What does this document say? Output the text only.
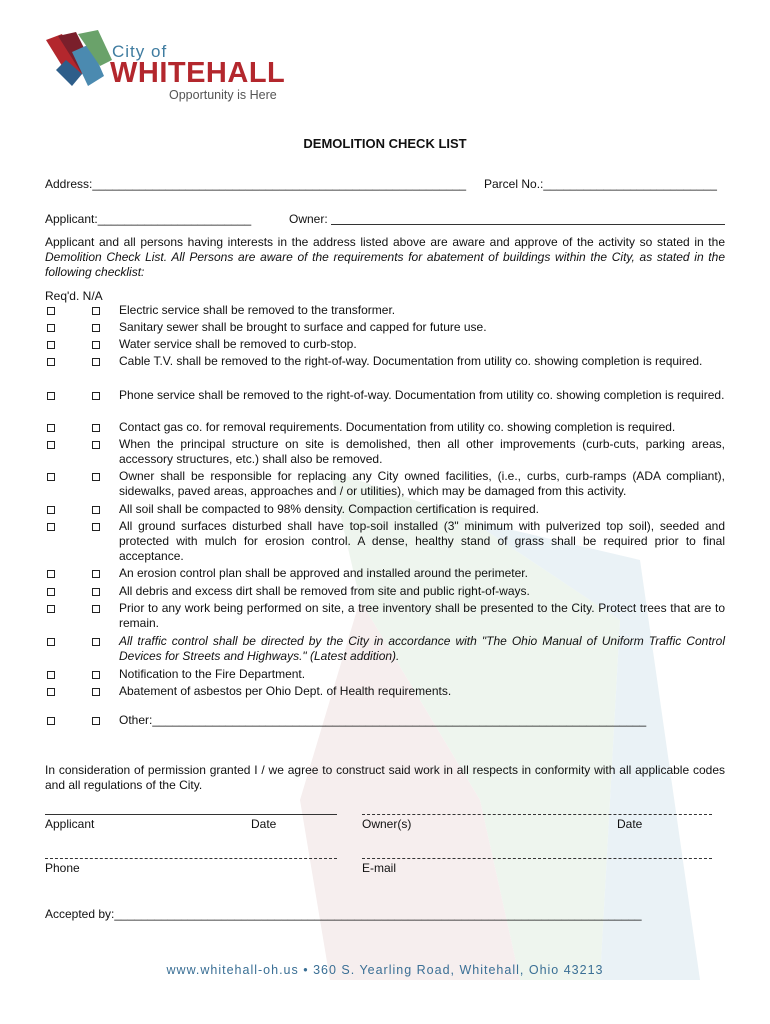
City of
WHITEHALL
Opportunity is Here
DEMOLITION CHECK LIST
Address:________________________________________________________ Parcel No.:__________________________
Applicant:_______________________	Owner:
Applicant and all persons having interests in the address listed above are aware and approve of the activity so stated in the Demolition Check List. All Persons are aware of the requirements for abatement of buildings within the City, as stated in the following checklist:
Req'd. N/A
Electric service shall be removed to the transformer.
Sanitary sewer shall be brought to surface and capped for future use.
Water service shall be removed to curb-stop.
Cable T.V. shall be removed to the right-of-way. Documentation from utility co. showing completion is required.
Phone service shall be removed to the right-of-way. Documentation from utility co. showing completion is required.
Contact gas co. for removal requirements. Documentation from utility co. showing completion is required.
When the principal structure on site is demolished, then all other improvements (curb-cuts, parking areas, accessory structures, etc.) shall also be removed.
Owner shall be responsible for replacing any City owned facilities, (i.e., curbs, curb-ramps (ADA compliant), sidewalks, paved areas, approaches and / or utilities), which may be damaged from this activity.
All soil shall be compacted to 98% density. Compaction certification is required.
All ground surfaces disturbed shall have top-soil installed (3" minimum with pulverized top soil), seeded and protected with mulch for erosion control. A dense, healthy stand of grass shall be required prior to final acceptance.
An erosion control plan shall be approved and installed around the perimeter.
All debris and excess dirt shall be removed from site and public right-of-ways.
Prior to any work being performed on site, a tree inventory shall be presented to the City. Protect trees that are to remain.
All traffic control shall be directed by the City in accordance with "The Ohio Manual of Uniform Traffic Control Devices for Streets and Highways." (Latest addition).
Notification to the Fire Department.
Abatement of asbestos per Ohio Dept. of Health requirements.
Other:__________________________________________________________________________
In consideration of permission granted I / we agree to construct said work in all respects in conformity with all applicable codes and all regulations of the City.
Applicant	Date	Owner(s)	Date
Phone	E-mail
Accepted by:_______________________________________________________________________________
www.whitehall-oh.us • 360 S. Yearling Road, Whitehall, Ohio 43213
